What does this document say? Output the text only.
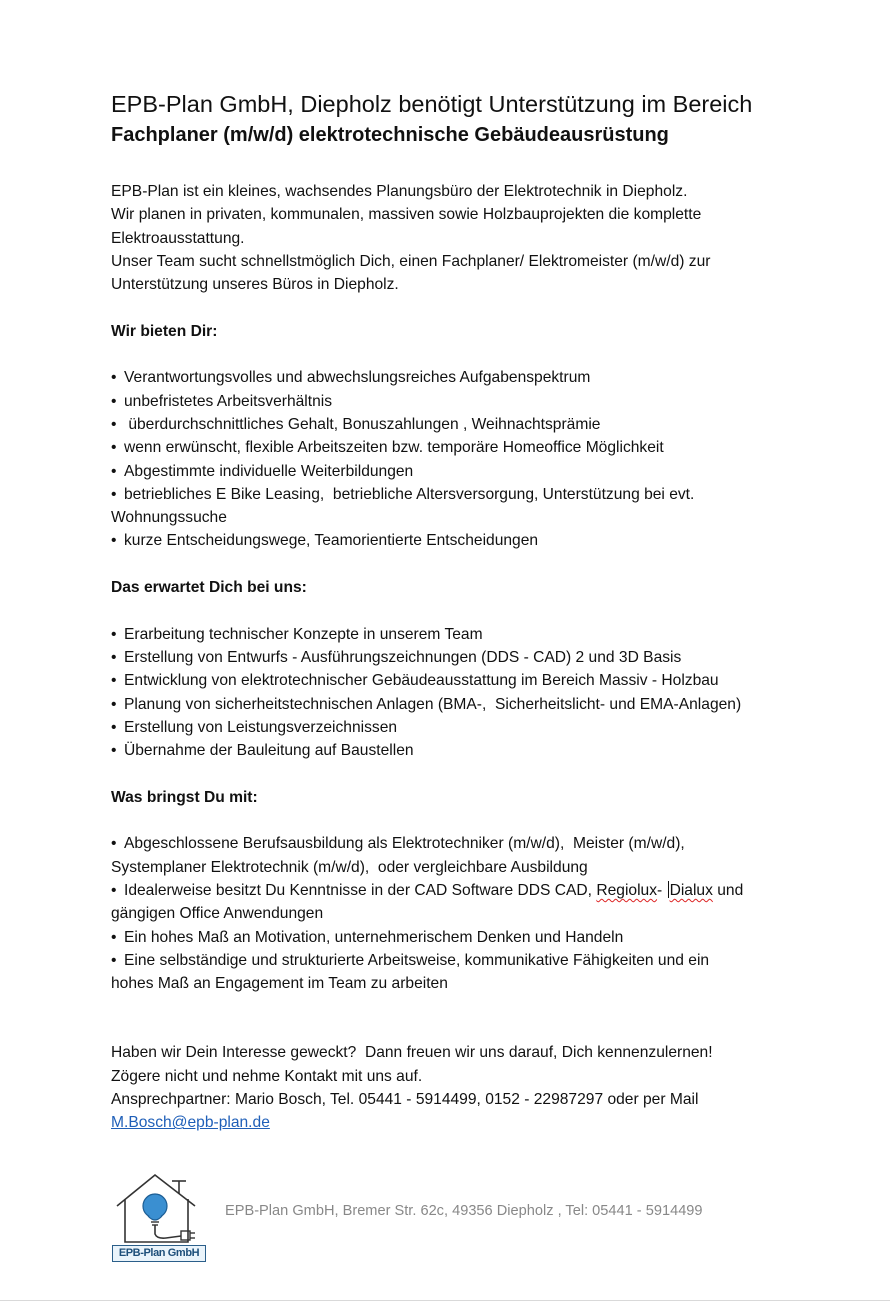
EPB-Plan GmbH, Diepholz benötigt Unterstützung im Bereich
Fachplaner (m/w/d) elektrotechnische Gebäudeausrüstung

EPB-Plan ist ein kleines, wachsendes Planungsbüro der Elektrotechnik in Diepholz.

Wir planen in privaten, kommunalen, massiven sowie Holzbauprojekten die komplette

Elektroausstattung.

Unser Team sucht schnellstmöglich Dich, einen Fachplaner/ Elektromeister (m/w/d) zur

Unterstützung unseres Büros in Diepholz.

Wir bieten Dir:

• Verantwortungsvolles und abwechslungsreiches Aufgabenspektrum
• unbefristetes Arbeitsverhältnis
• überdurchschnittliches Gehalt, Bonuszahlungen , Weihnachtsprämie
• wenn erwünscht, flexible Arbeitszeiten bzw. temporäre Homeoffice Möglichkeit
• Abgestimmte individuelle Weiterbildungen
• betriebliches E Bike Leasing,  betriebliche Altersversorgung, Unterstützung bei evt.
Wohnungssuche
• kurze Entscheidungswege, Teamorientierte Entscheidungen

Das erwartet Dich bei uns:

• Erarbeitung technischer Konzepte in unserem Team
• Erstellung von Entwurfs - Ausführungszeichnungen (DDS - CAD) 2 und 3D Basis
• Entwicklung von elektrotechnischer Gebäudeausstattung im Bereich Massiv - Holzbau
• Planung von sicherheitstechnischen Anlagen (BMA-,  Sicherheitslicht- und EMA-Anlagen)
• Erstellung von Leistungsverzeichnissen
• Übernahme der Bauleitung auf Baustellen

Was bringst Du mit:

• Abgeschlossene Berufsausbildung als Elektrotechniker (m/w/d),  Meister (m/w/d),
Systemplaner Elektrotechnik (m/w/d),  oder vergleichbare Ausbildung
• Idealerweise besitzt Du Kenntnisse in der CAD Software DDS CAD, Regiolux- Dialux und
gängigen Office Anwendungen
• Ein hohes Maß an Motivation, unternehmerischem Denken und Handeln
• Eine selbständige und strukturierte Arbeitsweise, kommunikative Fähigkeiten und ein
hohes Maß an Engagement im Team zu arbeiten

Haben wir Dein Interesse geweckt?  Dann freuen wir uns darauf, Dich kennenzulernen!

Zögere nicht und nehme Kontakt mit uns auf.

Ansprechpartner: Mario Bosch, Tel. 05441 - 5914499, 0152 - 22987297 oder per Mail

M.Bosch@epb-plan.de

EPB-Plan GmbH
EPB-Plan GmbH, Bremer Str. 62c, 49356 Diepholz , Tel: 05441 - 5914499
